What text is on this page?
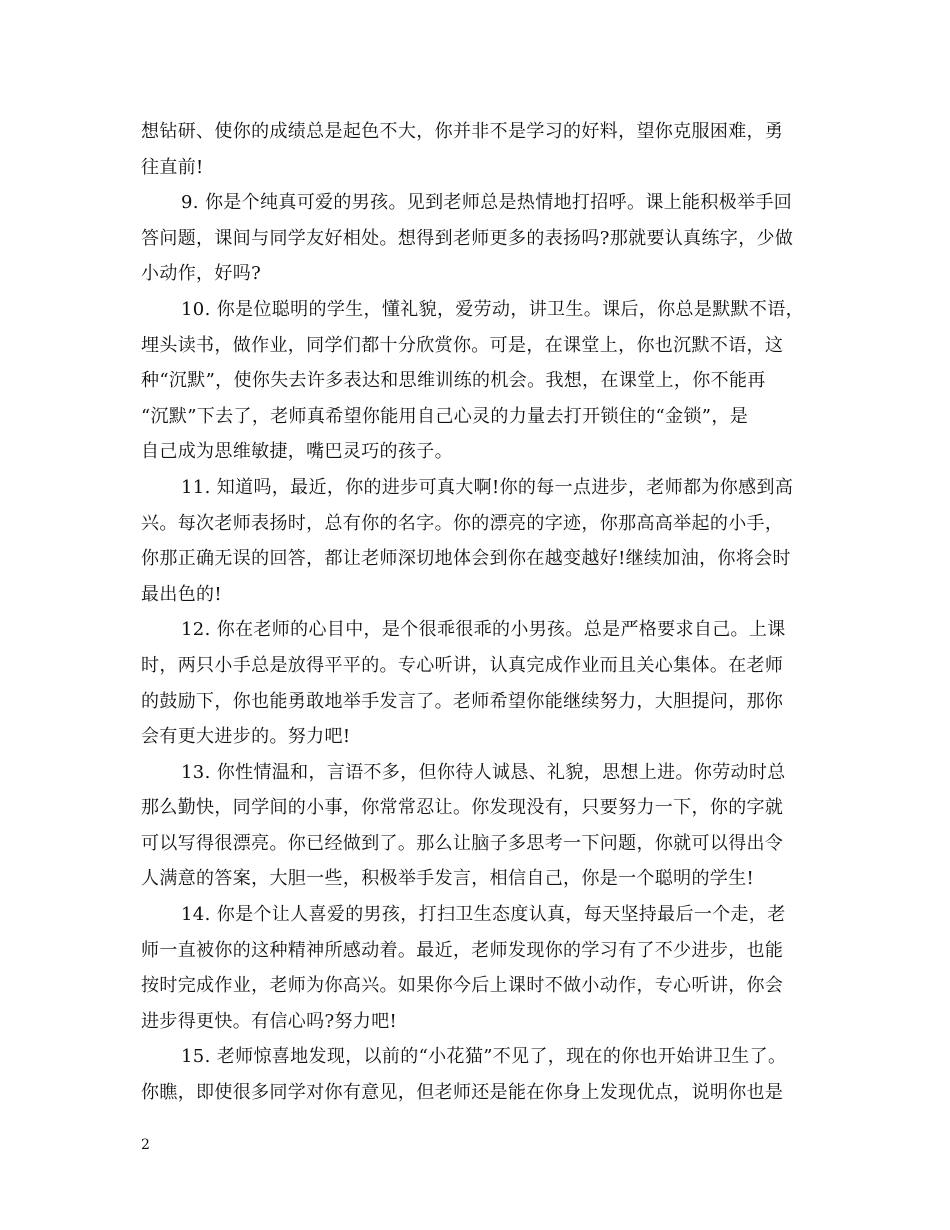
想钻研、使你的成绩总是起色不大，你并非不是学习的好料，望你克服困难，勇
往直前!

9. 你是个纯真可爱的男孩。见到老师总是热情地打招呼。课上能积极举手回
答问题，课间与同学友好相处。想得到老师更多的表扬吗?那就要认真练字，少做
小动作，好吗?

10. 你是位聪明的学生，懂礼貌，爱劳动，讲卫生。课后，你总是默默不语，
埋头读书，做作业，同学们都十分欣赏你。可是，在课堂上，你也沉默不语，这
种“沉默”，使你失去许多表达和思维训练的机会。我想，在课堂上，你不能再
“沉默”下去了，老师真希望你能用自己心灵的力量去打开锁住的“金锁”，是
自己成为思维敏捷，嘴巴灵巧的孩子。

11. 知道吗，最近，你的进步可真大啊!你的每一点进步，老师都为你感到高
兴。每次老师表扬时，总有你的名字。你的漂亮的字迹，你那高高举起的小手，
你那正确无误的回答，都让老师深切地体会到你在越变越好!继续加油，你将会时
最出色的!

12. 你在老师的心目中，是个很乖很乖的小男孩。总是严格要求自己。上课
时，两只小手总是放得平平的。专心听讲，认真完成作业而且关心集体。在老师
的鼓励下，你也能勇敢地举手发言了。老师希望你能继续努力，大胆提问，那你
会有更大进步的。努力吧!

13. 你性情温和，言语不多，但你待人诚恳、礼貌，思想上进。你劳动时总
那么勤快，同学间的小事，你常常忍让。你发现没有，只要努力一下，你的字就
可以写得很漂亮。你已经做到了。那么让脑子多思考一下问题，你就可以得出令
人满意的答案，大胆一些，积极举手发言，相信自己，你是一个聪明的学生!

14. 你是个让人喜爱的男孩，打扫卫生态度认真，每天坚持最后一个走，老
师一直被你的这种精神所感动着。最近，老师发现你的学习有了不少进步，也能
按时完成作业，老师为你高兴。如果你今后上课时不做小动作，专心听讲，你会
进步得更快。有信心吗?努力吧!

15. 老师惊喜地发现，以前的“小花猫”不见了，现在的你也开始讲卫生了。
你瞧，即使很多同学对你有意见，但老师还是能在你身上发现优点，说明你也是

2
